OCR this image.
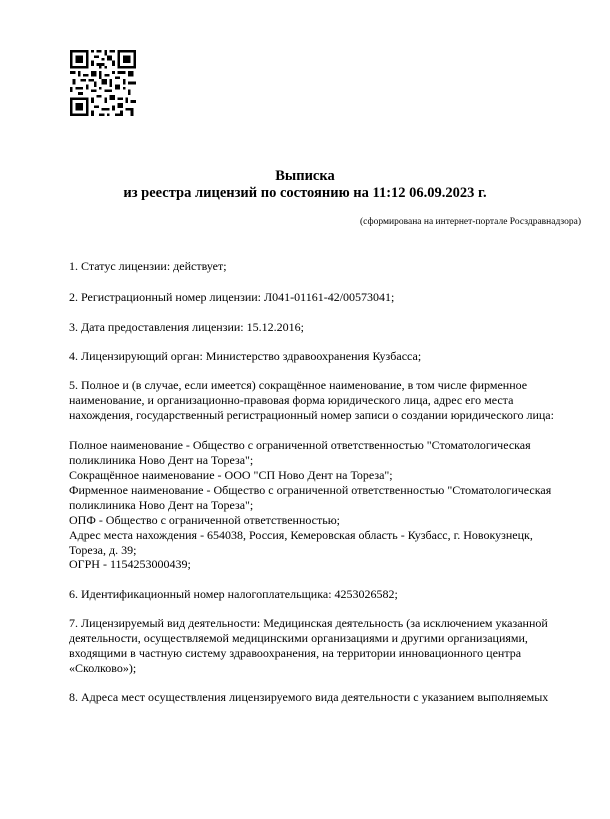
Выписка
из реестра лицензий по состоянию на 11:12 06.09.2023 г.
(сформирована на интернет-портале Росздравнадзора)
1. Статус лицензии: действует;
2. Регистрационный номер лицензии: Л041-01161-42/00573041;
3. Дата предоставления лицензии: 15.12.2016;
4. Лицензирующий орган: Министерство здравоохранения Кузбасса;
5. Полное и (в случае, если имеется) сокращённое наименование, в том числе фирменное
наименование, и организационно-правовая форма юридического лица, адрес его места
нахождения, государственный регистрационный номер записи о создании юридического лица:
Полное наименование - Общество с ограниченной ответственностью "Стоматологическая
поликлиника Ново Дент на Тореза";
Сокращённое наименование - ООО "СП Ново Дент на Тореза";
Фирменное наименование - Общество с ограниченной ответственностью "Стоматологическая
поликлиника Ново Дент на Тореза";
ОПФ - Общество с ограниченной ответственностью;
Адрес места нахождения - 654038, Россия, Кемеровская область - Кузбасс, г. Новокузнецк,
Тореза, д. 39;
ОГРН - 1154253000439;
6. Идентификационный номер налогоплательщика: 4253026582;
7. Лицензируемый вид деятельности: Медицинская деятельность (за исключением указанной
деятельности, осуществляемой медицинскими организациями и другими организациями,
входящими в частную систему здравоохранения, на территории инновационного центра
«Сколково»);
8. Адреса мест осуществления лицензируемого вида деятельности с указанием выполняемых
